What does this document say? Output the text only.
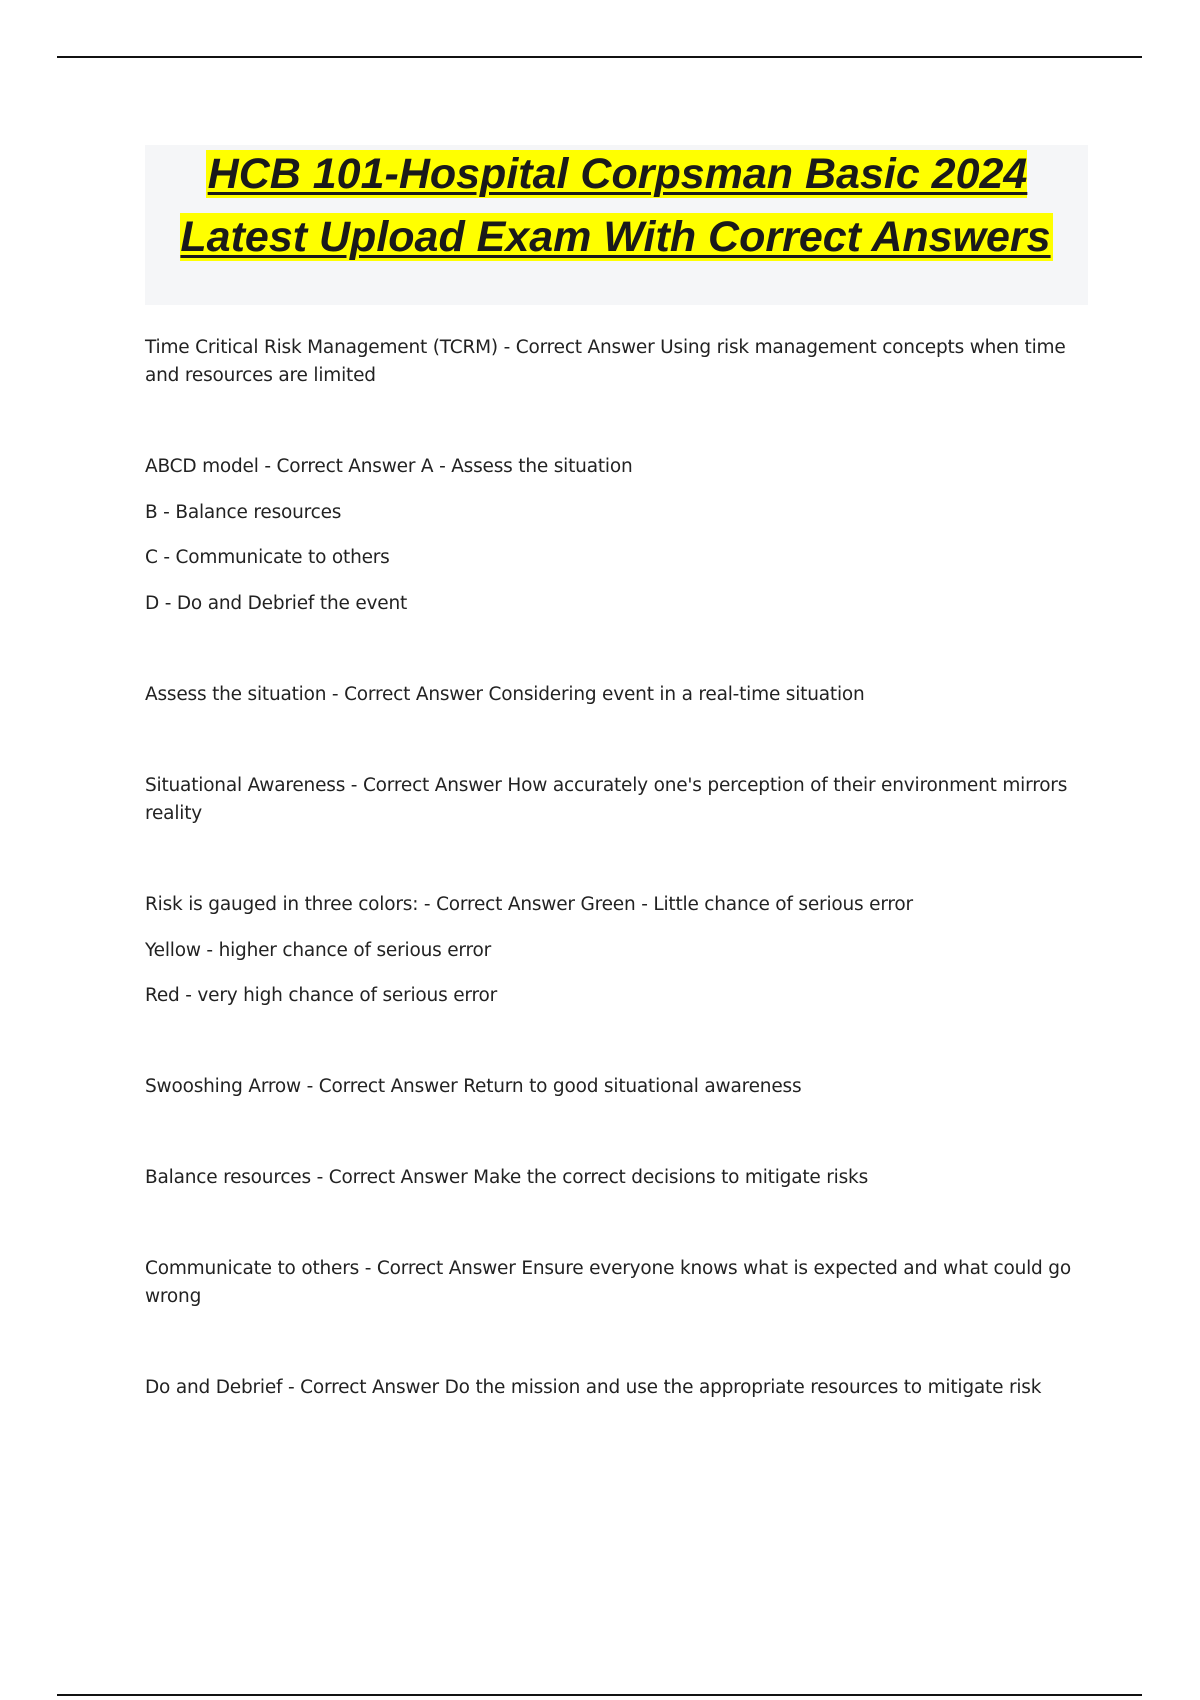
HCB 101-Hospital Corpsman Basic 2024 Latest Upload Exam With Correct Answers
Time Critical Risk Management (TCRM) - Correct Answer Using risk management concepts when time and resources are limited
ABCD model - Correct Answer A - Assess the situation
B - Balance resources
C - Communicate to others
D - Do and Debrief the event
Assess the situation - Correct Answer Considering event in a real-time situation
Situational Awareness - Correct Answer How accurately one's perception of their environment mirrors reality
Risk is gauged in three colors: - Correct Answer Green - Little chance of serious error
Yellow - higher chance of serious error
Red - very high chance of serious error
Swooshing Arrow - Correct Answer Return to good situational awareness
Balance resources - Correct Answer Make the correct decisions to mitigate risks
Communicate to others - Correct Answer Ensure everyone knows what is expected and what could go wrong
Do and Debrief - Correct Answer Do the mission and use the appropriate resources to mitigate risk
